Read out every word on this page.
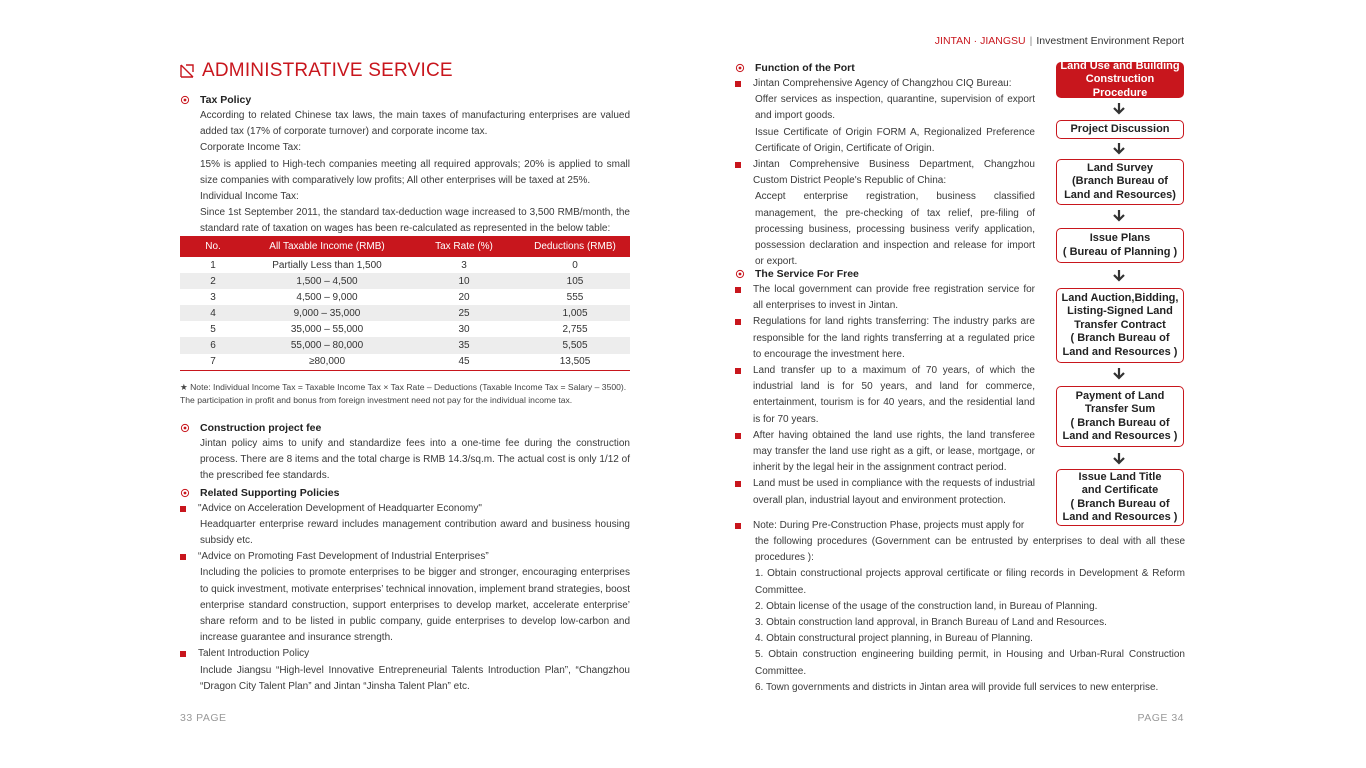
JINTAN · JIANGSU | Investment Environment Report
ADMINISTRATIVE SERVICE
Tax Policy
According to related Chinese tax laws, the main taxes of manufacturing enterprises are valued added tax (17% of corporate turnover) and corporate income tax.
Corporate Income Tax:
15% is applied to High-tech companies meeting all required approvals; 20% is applied to small size companies with comparatively low profits; All other enterprises will be taxed at 25%.
Individual Income Tax:
Since 1st September 2011, the standard tax-deduction wage increased to 3,500 RMB/month, the standard rate of taxation on wages has been re-calculated as represented in the below table:
No.	All Taxable Income (RMB)	Tax Rate (%)	Deductions (RMB)
1	Partially Less than 1,500	3	0
2	1,500 – 4,500	10	105
3	4,500 – 9,000	20	555
4	9,000 – 35,000	25	1,005
5	35,000 – 55,000	30	2,755
6	55,000 – 80,000	35	5,505
7	≥80,000	45	13,505
★ Note: Individual Income Tax = Taxable Income Tax × Tax Rate – Deductions (Taxable Income Tax = Salary – 3500). The participation in profit and bonus from foreign investment need not pay for the individual income tax.
Construction project fee
Jintan policy aims to unify and standardize fees into a one-time fee during the construction process. There are 8 items and the total charge is RMB 14.3/sq.m. The actual cost is only 1/12 of the prescribed fee standards.
Related Supporting Policies
"Advice on Acceleration Development of Headquarter Economy"
Headquarter enterprise reward includes management contribution award and business housing subsidy etc.
“Advice on Promoting Fast Development of Industrial Enterprises”
Including the policies to promote enterprises to be bigger and stronger, encouraging enterprises to quick investment, motivate enterprises’ technical innovation, implement brand strategies, boost enterprise standard construction, support enterprises to develop market, accelerate enterprise’ share reform and to be listed in public company, guide enterprises to develop low-carbon and increase guarantee and insurance strength.
Talent Introduction Policy
Include Jiangsu “High-level Innovative Entrepreneurial Talents Introduction Plan”, “Changzhou “Dragon City Talent Plan” and Jintan “Jinsha Talent Plan” etc.
33 PAGE
Function of the Port
Jintan Comprehensive Agency of Changzhou CIQ Bureau:
Offer services as inspection, quarantine, supervision of export and import goods.
Issue Certificate of Origin FORM A, Regionalized Preference Certificate of Origin, Certificate of Origin.
Jintan Comprehensive Business Department, Changzhou Custom District People's Republic of China:
Accept enterprise registration, business classified management, the pre-checking of tax relief, pre-filing of processing business, processing business verify application, possession declaration and inspection and release for import or export.
The Service For Free
The local government can provide free registration service for all enterprises to invest in Jintan.
Regulations for land rights transferring: The industry parks are responsible for the land rights transferring at a regulated price to encourage the investment here.
Land transfer up to a maximum of 70 years, of which the industrial land is for 50 years, and land for commerce, entertainment, tourism is for 40 years, and the residential land is for 70 years.
After having obtained the land use rights, the land transferee may transfer the land use right as a gift, or lease, mortgage, or inherit by the legal heir in the assignment contract period.
Land must be used in compliance with the requests of industrial overall plan, industrial layout and environment protection.
Land Use and Building
Construction Procedure
Project Discussion
Land Survey
(Branch Bureau of
Land and Resources)
Issue Plans
( Bureau of Planning )
Land Auction,Bidding,
Listing-Signed Land
Transfer Contract
( Branch Bureau of
Land and Resources )
Payment of Land
Transfer Sum
( Branch Bureau of
Land and Resources )
Issue Land Title
and Certificate
( Branch Bureau of
Land and Resources )
Note: During Pre-Construction Phase, projects must apply for
the following procedures (Government can be entrusted by enterprises to deal with all these procedures ):
1. Obtain constructional projects approval certificate or filing records in Development & Reform Committee.
2. Obtain license of the usage of the construction land, in Bureau of Planning.
3. Obtain construction land approval, in Branch Bureau of Land and Resources.
4. Obtain constructural project planning, in Bureau of Planning.
5. Obtain construction engineering building permit, in Housing and Urban-Rural Construction Committee.
6. Town governments and districts in Jintan area will provide full services to new enterprise.
PAGE 34
